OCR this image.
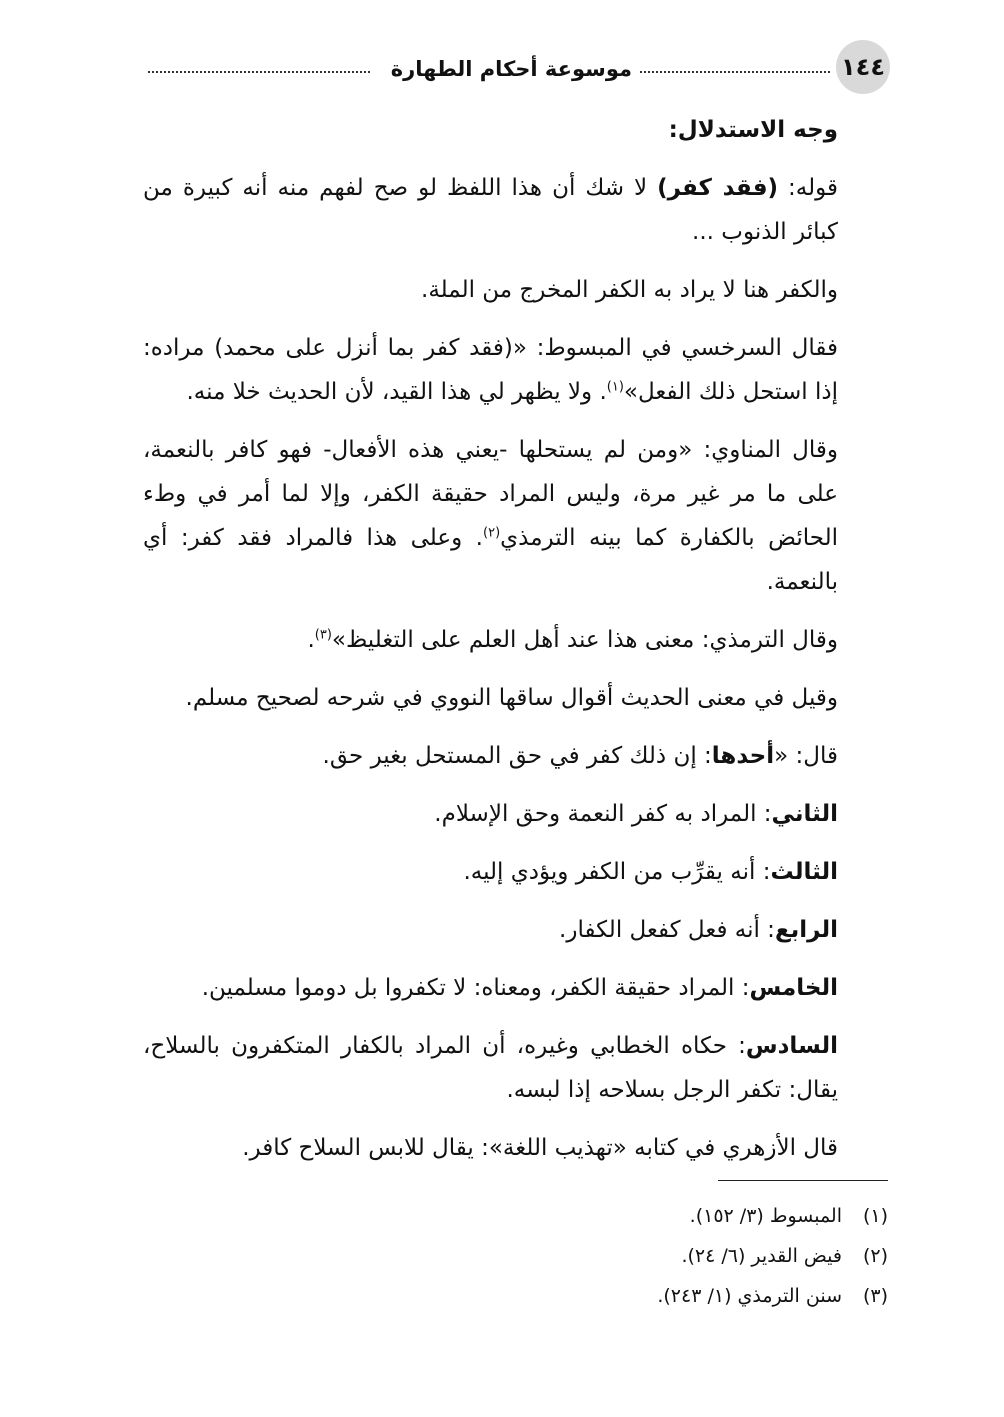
١٤٤
موسوعة أحكام الطهارة

وجه الاستدلال:

قوله: (فقد كفر) لا شك أن هذا اللفظ لو صح لفهم منه أنه كبيرة من كبائر الذنوب ...

والكفر هنا لا يراد به الكفر المخرج من الملة.

فقال السرخسي في المبسوط: «(فقد كفر بما أنزل على محمد) مراده: إذا استحل ذلك الفعل»$^{(١)}$. ولا يظهر لي هذا القيد، لأن الحديث خلا منه.

وقال المناوي: «ومن لم يستحلها -يعني هذه الأفعال- فهو كافر بالنعمة، على ما مر غير مرة، وليس المراد حقيقة الكفر، وإلا لما أمر في وطء الحائض بالكفارة كما بينه الترمذي$^{(٢)}$. وعلى هذا فالمراد فقد كفر: أي بالنعمة.

وقال الترمذي: معنى هذا عند أهل العلم على التغليظ»$^{(٣)}$.

وقيل في معنى الحديث أقوال ساقها النووي في شرحه لصحيح مسلم.

قال: «أحدها: إن ذلك كفر في حق المستحل بغير حق.

الثاني: المراد به كفر النعمة وحق الإسلام.

الثالث: أنه يقرِّب من الكفر ويؤدي إليه.

الرابع: أنه فعل كفعل الكفار.

الخامس: المراد حقيقة الكفر، ومعناه: لا تكفروا بل دوموا مسلمين.

السادس: حكاه الخطابي وغيره، أن المراد بالكفار المتكفرون بالسلاح، يقال: تكفر الرجل بسلاحه إذا لبسه.

قال الأزهري في كتابه «تهذيب اللغة»: يقال للابس السلاح كافر.

(١)المبسوط (٣/ ١٥٢).
(٢)فيض القدير (٦/ ٢٤).
(٣)سنن الترمذي (١/ ٢٤٣).
